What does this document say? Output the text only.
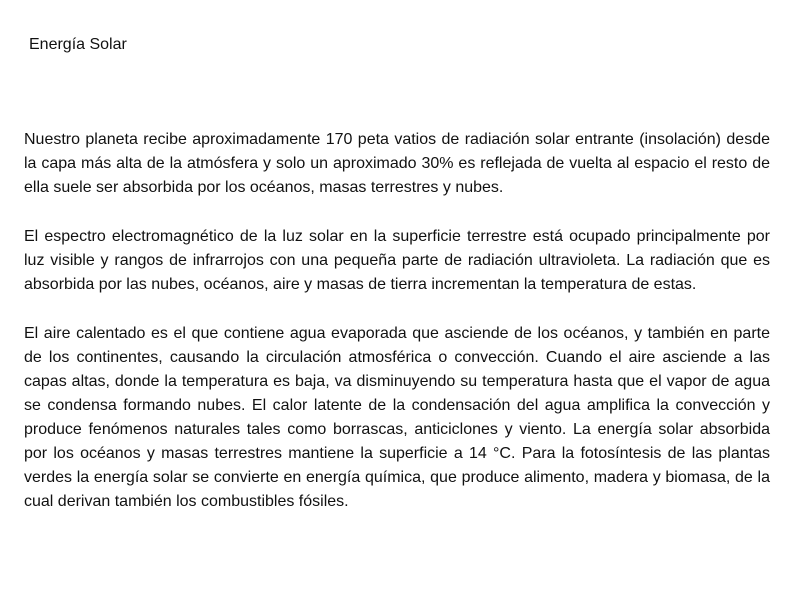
Energía Solar

Nuestro planeta recibe aproximadamente 170 peta vatios de radiación solar entrante (insolación) desde la capa más alta de la atmósfera y solo un aproximado 30% es reflejada de vuelta al espacio el resto de ella suele ser absorbida por los océanos, masas terrestres y nubes.

El espectro electromagnético de la luz solar en la superficie terrestre está ocupado principalmente por luz visible y rangos de infrarrojos con una pequeña parte de radiación ultravioleta. La radiación que es absorbida por las nubes, océanos, aire y masas de tierra incrementan la temperatura de estas.

El aire calentado es el que contiene agua evaporada que asciende de los océanos, y también en parte de los continentes, causando la circulación atmosférica o convección. Cuando el aire asciende a las capas altas, donde la temperatura es baja, va disminuyendo su temperatura hasta que el vapor de agua se condensa formando nubes. El calor latente de la condensación del agua amplifica la convección y produce fenómenos naturales tales como borrascas, anticiclones y viento. La energía solar absorbida por los océanos y masas terrestres mantiene la superficie a 14 °C. Para la fotosíntesis de las plantas verdes la energía solar se convierte en energía química, que produce alimento, madera y biomasa, de la cual derivan también los combustibles fósiles.
